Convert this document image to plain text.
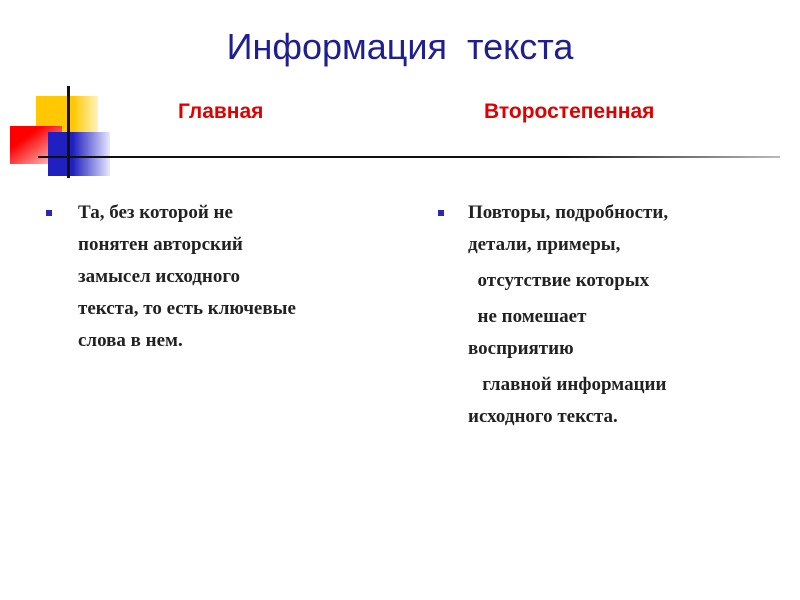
Информация  текста
Главная	Второстепенная
Та, без которой не
понятен авторский
замысел исходного
текста, то есть ключевые
слова в нем.
Повторы, подробности,
детали, примеры,
отсутствие которых
не помешает
восприятию
главной информации
исходного текста.
